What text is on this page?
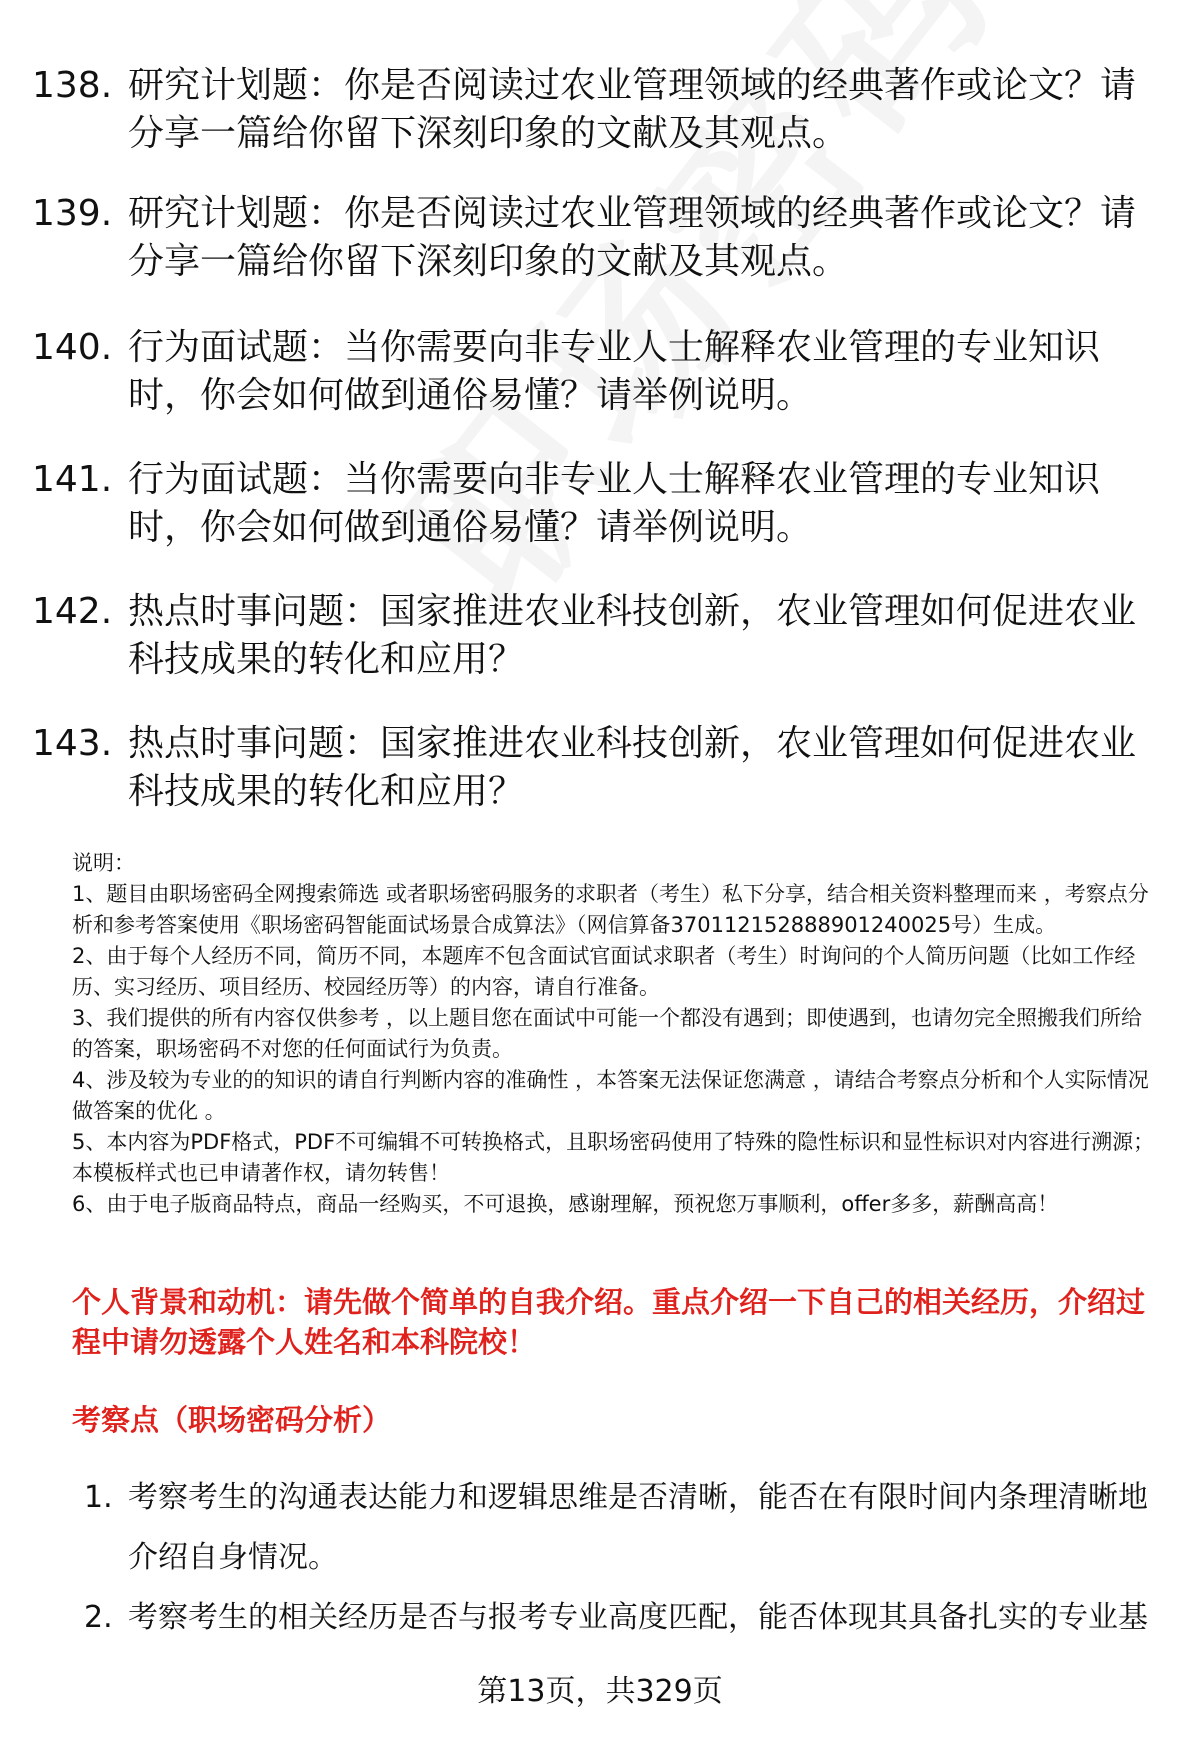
138. 研究计划题：你是否阅读过农业管理领域的经典著作或论文？请分享一篇给你留下深刻印象的文献及其观点。
139. 研究计划题：你是否阅读过农业管理领域的经典著作或论文？请分享一篇给你留下深刻印象的文献及其观点。
140. 行为面试题：当你需要向非专业人士解释农业管理的专业知识时，你会如何做到通俗易懂？请举例说明。
141. 行为面试题：当你需要向非专业人士解释农业管理的专业知识时，你会如何做到通俗易懂？请举例说明。
142. 热点时事问题：国家推进农业科技创新，农业管理如何促进农业科技成果的转化和应用？
143. 热点时事问题：国家推进农业科技创新，农业管理如何促进农业科技成果的转化和应用？

说明：

1、题目由职场密码全网搜索筛选 或者职场密码服务的求职者（考生）私下分享，结合相关资料整理而来 ，考察点分析和参考答案使用《职场密码智能面试场景合成算法》（网信算备370112152888901240025号）生成。

2、由于每个人经历不同，简历不同，本题库不包含面试官面试求职者（考生）时询问的个人简历问题（比如工作经历、实习经历、项目经历、校园经历等）的内容，请自行准备。

3、我们提供的所有内容仅供参考 ，以上题目您在面试中可能一个都没有遇到；即使遇到，也请勿完全照搬我们所给的答案，职场密码不对您的任何面试行为负责。

4、涉及较为专业的的知识的请自行判断内容的准确性 ，本答案无法保证您满意 ，请结合考察点分析和个人实际情况做答案的优化 。

5、本内容为PDF格式，PDF不可编辑不可转换格式，且职场密码使用了特殊的隐性标识和显性标识对内容进行溯源；本模板样式也已申请著作权，请勿转售！

6、由于电子版商品特点，商品一经购买，不可退换，感谢理解，预祝您万事顺利，offer多多，薪酬高高！

个人背景和动机：请先做个简单的自我介绍。重点介绍一下自己的相关经历，介绍过程中请勿透露个人姓名和本科院校！
考察点（职场密码分析）
1. 考察考生的沟通表达能力和逻辑思维是否清晰，能否在有限时间内条理清晰地介绍自身情况。
2. 考察考生的相关经历是否与报考专业高度匹配，能否体现其具备扎实的专业基
第13页，共329页
